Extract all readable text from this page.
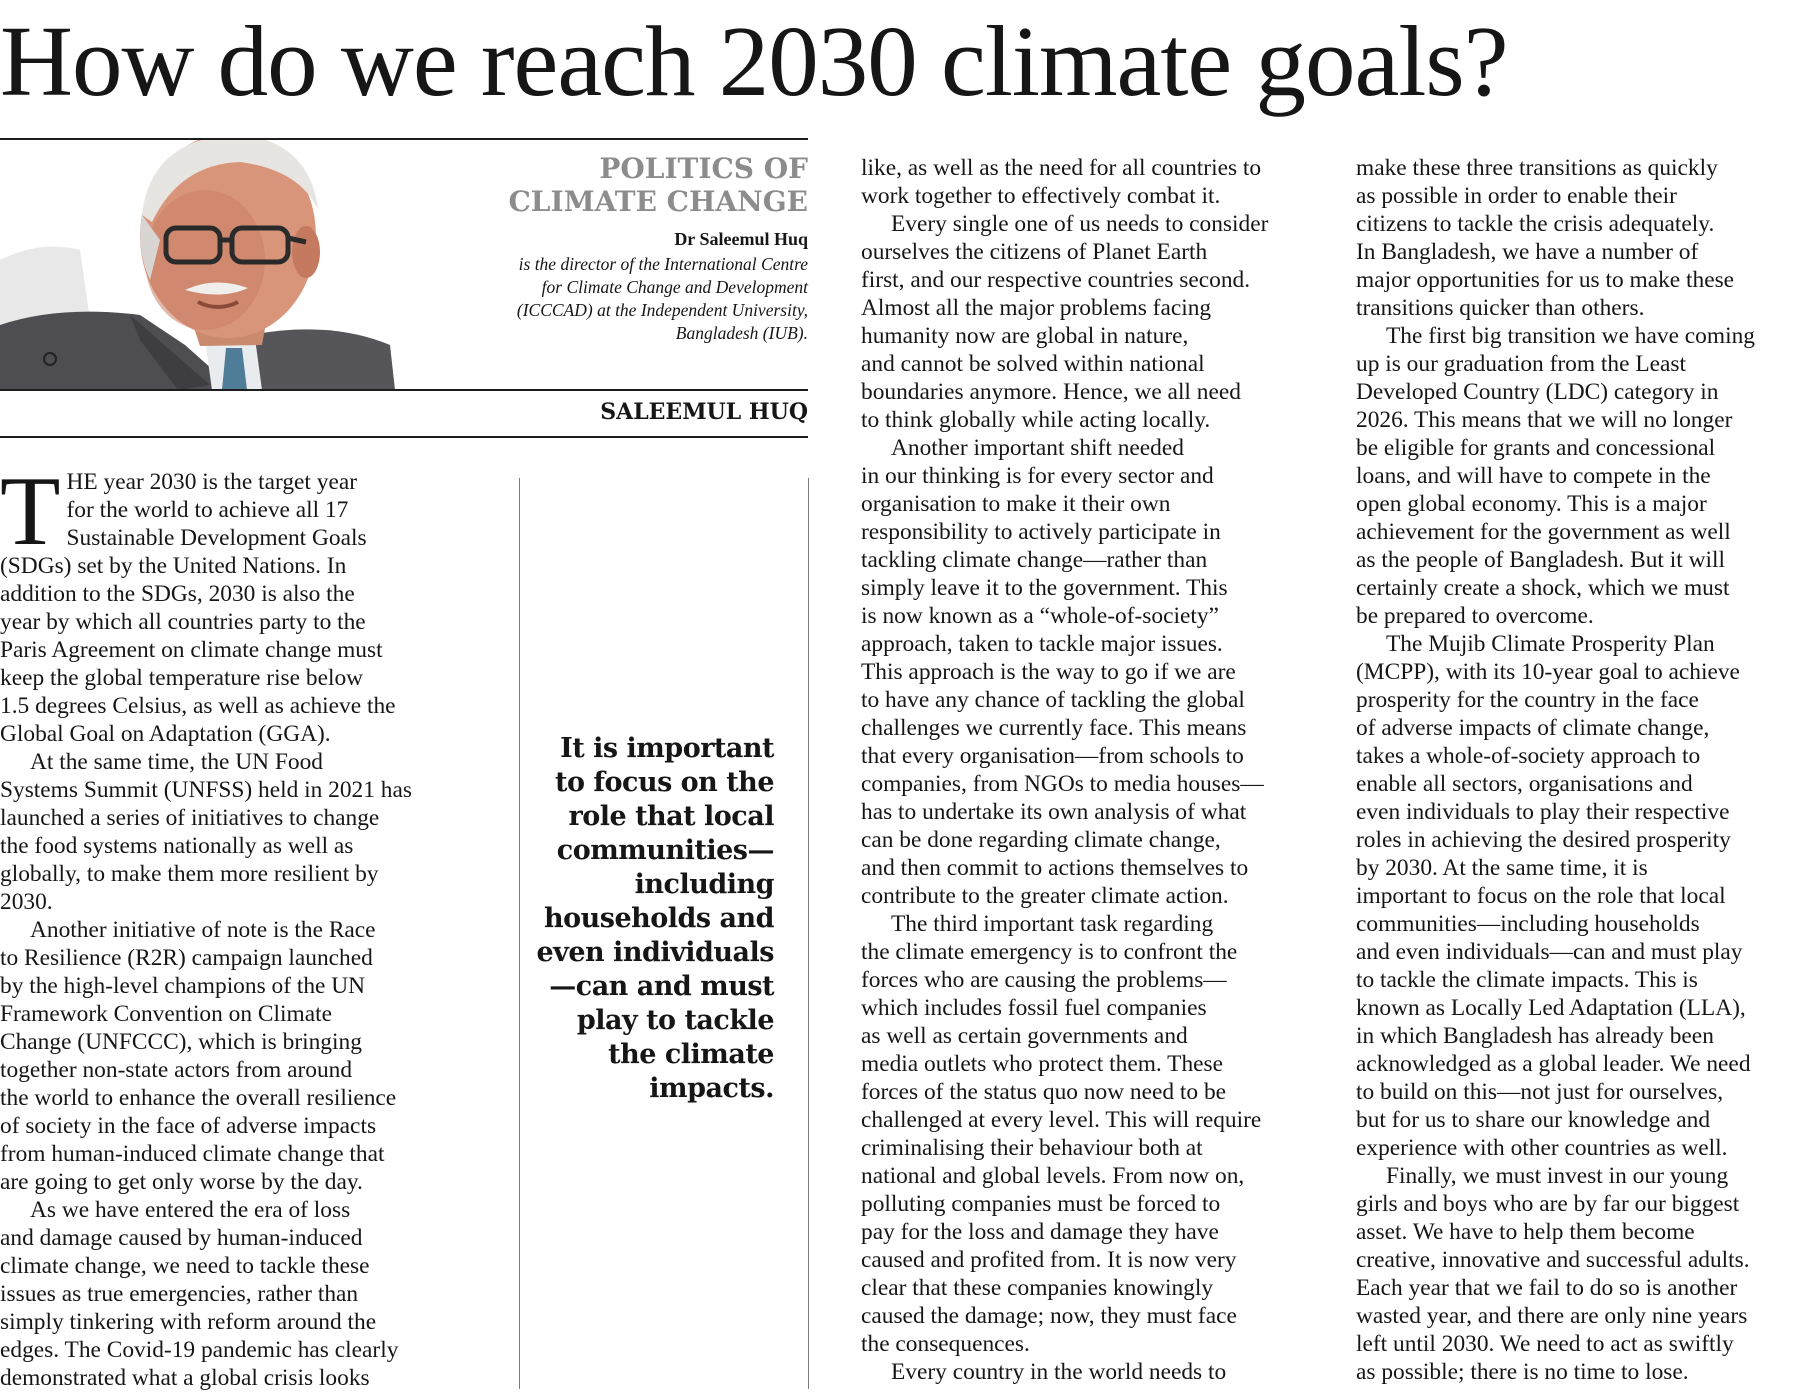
How do we reach 2030 climate goals?
POLITICS OF
CLIMATE CHANGE
Dr Saleemul Huq
is the director of the International Centre
for Climate Change and Development
(ICCCAD) at the Independent University,
Bangladesh (IUB).
SALEEMUL HUQ

THE year 2030 is the target year
for the world to achieve all 17
Sustainable Development Goals
(SDGs) set by the United Nations. In
addition to the SDGs, 2030 is also the
year by which all countries party to the
Paris Agreement on climate change must
keep the global temperature rise below
1.5 degrees Celsius, as well as achieve the
Global Goal on Adaptation (GGA).

At the same time, the UN Food
Systems Summit (UNFSS) held in 2021 has
launched a series of initiatives to change
the food systems nationally as well as
globally, to make them more resilient by
2030.

Another initiative of note is the Race
to Resilience (R2R) campaign launched
by the high-level champions of the UN
Framework Convention on Climate
Change (UNFCCC), which is bringing
together non-state actors from around
the world to enhance the overall resilience
of society in the face of adverse impacts
from human-induced climate change that
are going to get only worse by the day.

As we have entered the era of loss
and damage caused by human-induced
climate change, we need to tackle these
issues as true emergencies, rather than
simply tinkering with reform around the
edges. The Covid-19 pandemic has clearly
demonstrated what a global crisis looks

It is important to focus on the role that local communities—including households and even individuals—can and must play to tackle the climate impacts.

like, as well as the need for all countries to
work together to effectively combat it.

Every single one of us needs to consider
ourselves the citizens of Planet Earth
first, and our respective countries second.
Almost all the major problems facing
humanity now are global in nature,
and cannot be solved within national
boundaries anymore. Hence, we all need
to think globally while acting locally.

Another important shift needed
in our thinking is for every sector and
organisation to make it their own
responsibility to actively participate in
tackling climate change—rather than
simply leave it to the government. This
is now known as a “whole-of-society”
approach, taken to tackle major issues.
This approach is the way to go if we are
to have any chance of tackling the global
challenges we currently face. This means
that every organisation—from schools to
companies, from NGOs to media houses—
has to undertake its own analysis of what
can be done regarding climate change,
and then commit to actions themselves to
contribute to the greater climate action.

The third important task regarding
the climate emergency is to confront the
forces who are causing the problems—
which includes fossil fuel companies
as well as certain governments and
media outlets who protect them. These
forces of the status quo now need to be
challenged at every level. This will require
criminalising their behaviour both at
national and global levels. From now on,
polluting companies must be forced to
pay for the loss and damage they have
caused and profited from. It is now very
clear that these companies knowingly
caused the damage; now, they must face
the consequences.

Every country in the world needs to

make these three transitions as quickly
as possible in order to enable their
citizens to tackle the crisis adequately.
In Bangladesh, we have a number of
major opportunities for us to make these
transitions quicker than others.

The first big transition we have coming
up is our graduation from the Least
Developed Country (LDC) category in
2026. This means that we will no longer
be eligible for grants and concessional
loans, and will have to compete in the
open global economy. This is a major
achievement for the government as well
as the people of Bangladesh. But it will
certainly create a shock, which we must
be prepared to overcome.

The Mujib Climate Prosperity Plan
(MCPP), with its 10-year goal to achieve
prosperity for the country in the face
of adverse impacts of climate change,
takes a whole-of-society approach to
enable all sectors, organisations and
even individuals to play their respective
roles in achieving the desired prosperity
by 2030. At the same time, it is
important to focus on the role that local
communities—including households
and even individuals—can and must play
to tackle the climate impacts. This is
known as Locally Led Adaptation (LLA),
in which Bangladesh has already been
acknowledged as a global leader. We need
to build on this—not just for ourselves,
but for us to share our knowledge and
experience with other countries as well.

Finally, we must invest in our young
girls and boys who are by far our biggest
asset. We have to help them become
creative, innovative and successful adults.
Each year that we fail to do so is another
wasted year, and there are only nine years
left until 2030. We need to act as swiftly
as possible; there is no time to lose.
